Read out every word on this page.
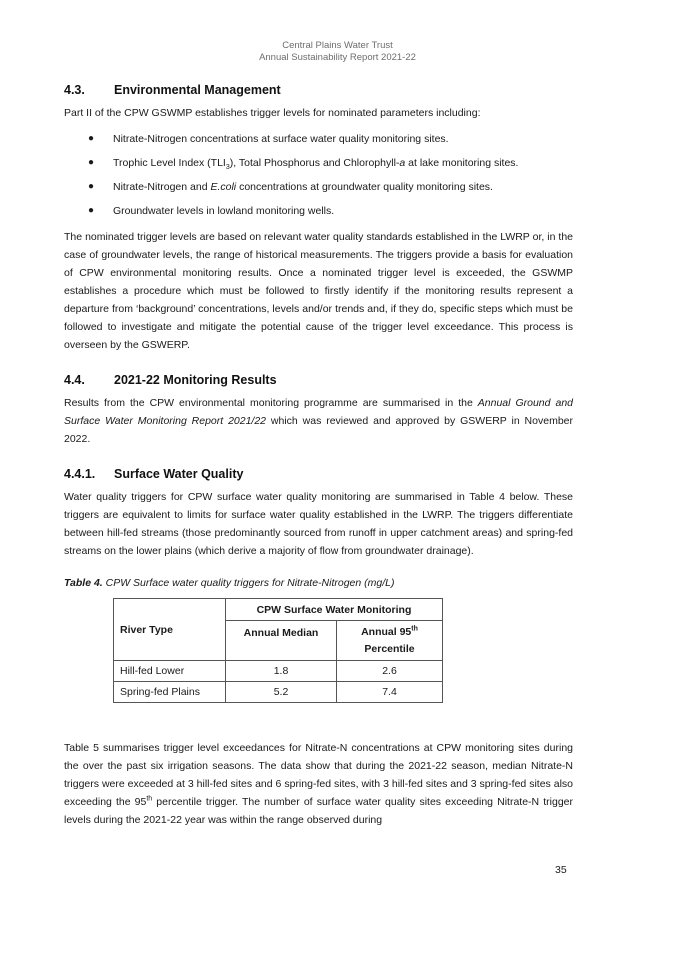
Central Plains Water Trust
Annual Sustainability Report 2021-22
4.3.	Environmental Management

Part II of the CPW GSWMP establishes trigger levels for nominated parameters including:

● Nitrate-Nitrogen concentrations at surface water quality monitoring sites.
● Trophic Level Index $(TLI_3)$, Total Phosphorus and Chlorophyll-a at lake monitoring sites.
● Nitrate-Nitrogen and E.coli concentrations at groundwater quality monitoring sites.
● Groundwater levels in lowland monitoring wells.

The nominated trigger levels are based on relevant water quality standards established in the LWRP or, in the case of groundwater levels, the range of historical measurements. The triggers provide a basis for evaluation of CPW environmental monitoring results. Once a nominated trigger level is exceeded, the GSWMP establishes a procedure which must be followed to firstly identify if the monitoring results represent a departure from ‘background’ concentrations, levels and/or trends and, if they do, specific steps which must be followed to investigate and mitigate the potential cause of the trigger level exceedance. This process is overseen by the GSWERP.

4.4.	2021-22 Monitoring Results

Results from the CPW environmental monitoring programme are summarised in the Annual Ground and Surface Water Monitoring Report 2021/22 which was reviewed and approved by GSWERP in November 2022.

4.4.1.	Surface Water Quality

Water quality triggers for CPW surface water quality monitoring are summarised in Table 4 below. These triggers are equivalent to limits for surface water quality established in the LWRP. The triggers differentiate between hill-fed streams (those predominantly sourced from runoff in upper catchment areas) and spring-fed streams on the lower plains (which derive a majority of flow from groundwater drainage).

Table 4. CPW Surface water quality triggers for Nitrate-Nitrogen (mg/L)
River Type	CPW Surface Water Monitoring	
	Annual Median	Annual 95th
Percentile
Hill-fed Lower	1.8	2.6
Spring-fed Plains	5.2	7.4

Table 5 summarises trigger level exceedances for Nitrate-N concentrations at CPW monitoring sites during the over the past six irrigation seasons. The data show that during the 2021-22 season, median Nitrate-N triggers were exceeded at 3 hill-fed sites and 6 spring-fed sites, with 3 hill-fed sites and 3 spring-fed sites also exceeding the 95th percentile trigger. The number of surface water quality sites exceeding Nitrate-N trigger levels during the 2021-22 year was within the range observed during

35
